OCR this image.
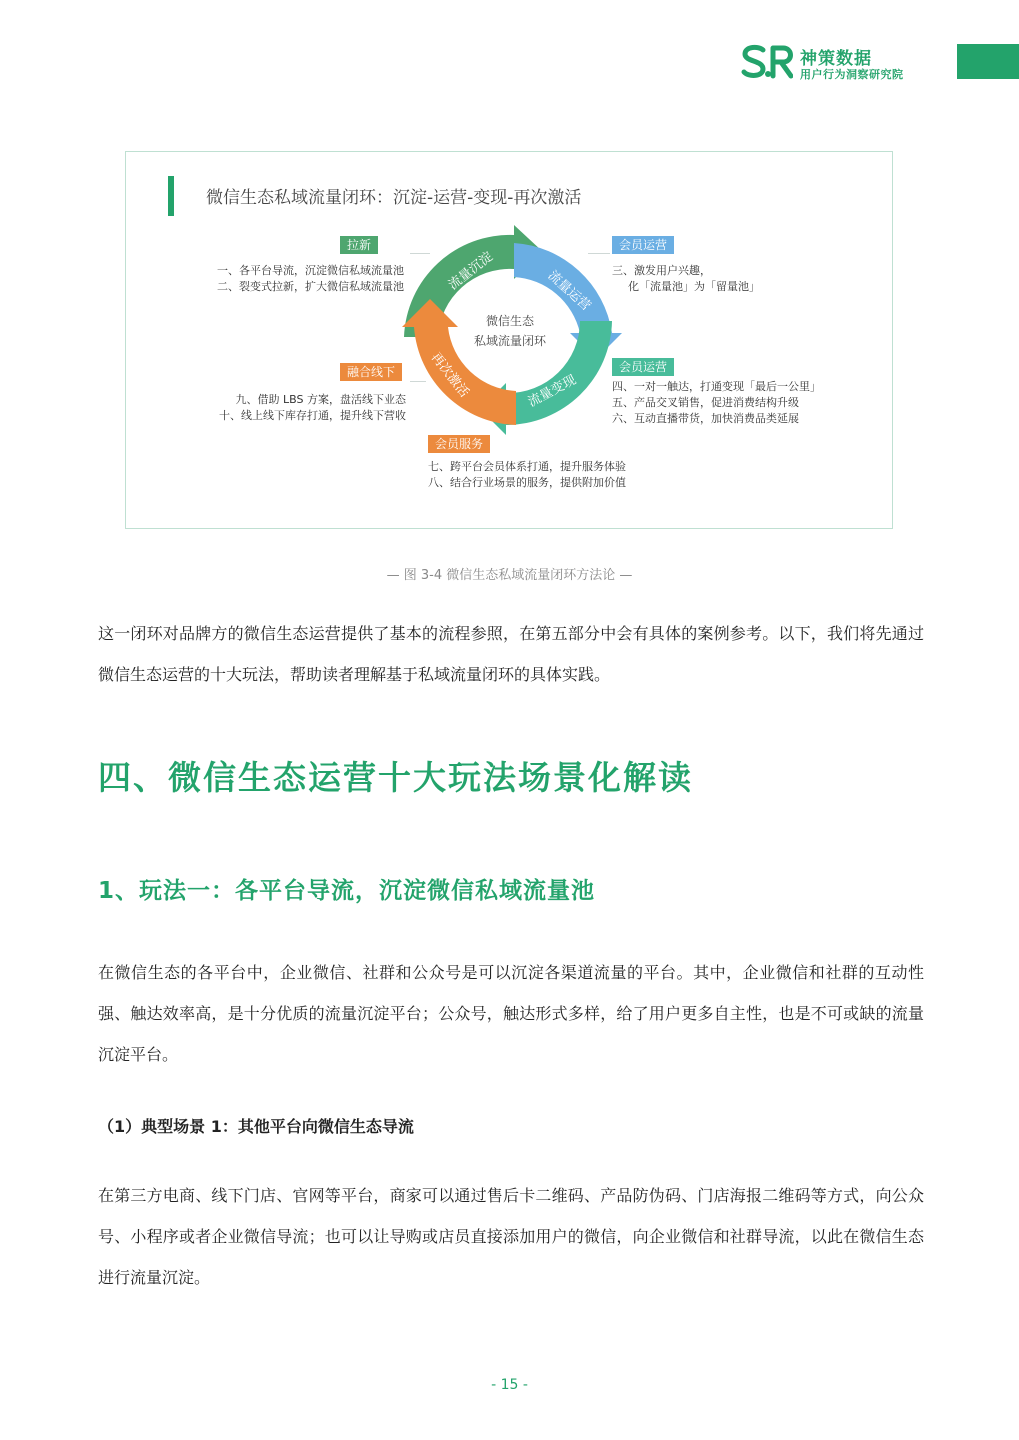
神策数据
用户行为洞察研究院
微信生态私域流量闭环：沉淀-运营-变现-再次激活
流量沉淀	流量运营
流量变现
再次激活
微信生态
私域流量闭环
拉新
一、各平台导流，沉淀微信私域流量池
二、裂变式拉新，扩大微信私域流量池
会员运营
三、激发用户兴趣，
化「流量池」为「留量池」
会员运营
四、一对一触达，打通变现「最后一公里」
五、产品交叉销售，促进消费结构升级
六、互动直播带货，加快消费品类延展
融合线下
九、借助 LBS 方案，盘活线下业态
十、线上线下库存打通，提升线下营收
会员服务
七、跨平台会员体系打通，提升服务体验
八、结合行业场景的服务，提供附加价值
— 图 3-4 微信生态私域流量闭环方法论 —
这一闭环对品牌方的微信生态运营提供了基本的流程参照，在第五部分中会有具体的案例参考。以下，我们将先通过微信生态运营的十大玩法，帮助读者理解基于私域流量闭环的具体实践。
四、微信生态运营十大玩法场景化解读
1、玩法一：各平台导流，沉淀微信私域流量池
在微信生态的各平台中，企业微信、社群和公众号是可以沉淀各渠道流量的平台。其中，企业微信和社群的互动性强、触达效率高，是十分优质的流量沉淀平台；公众号，触达形式多样，给了用户更多自主性，也是不可或缺的流量沉淀平台。
（1）典型场景 1：其他平台向微信生态导流
在第三方电商、线下门店、官网等平台，商家可以通过售后卡二维码、产品防伪码、门店海报二维码等方式，向公众号、小程序或者企业微信导流；也可以让导购或店员直接添加用户的微信，向企业微信和社群导流，以此在微信生态进行流量沉淀。
- 15 -
